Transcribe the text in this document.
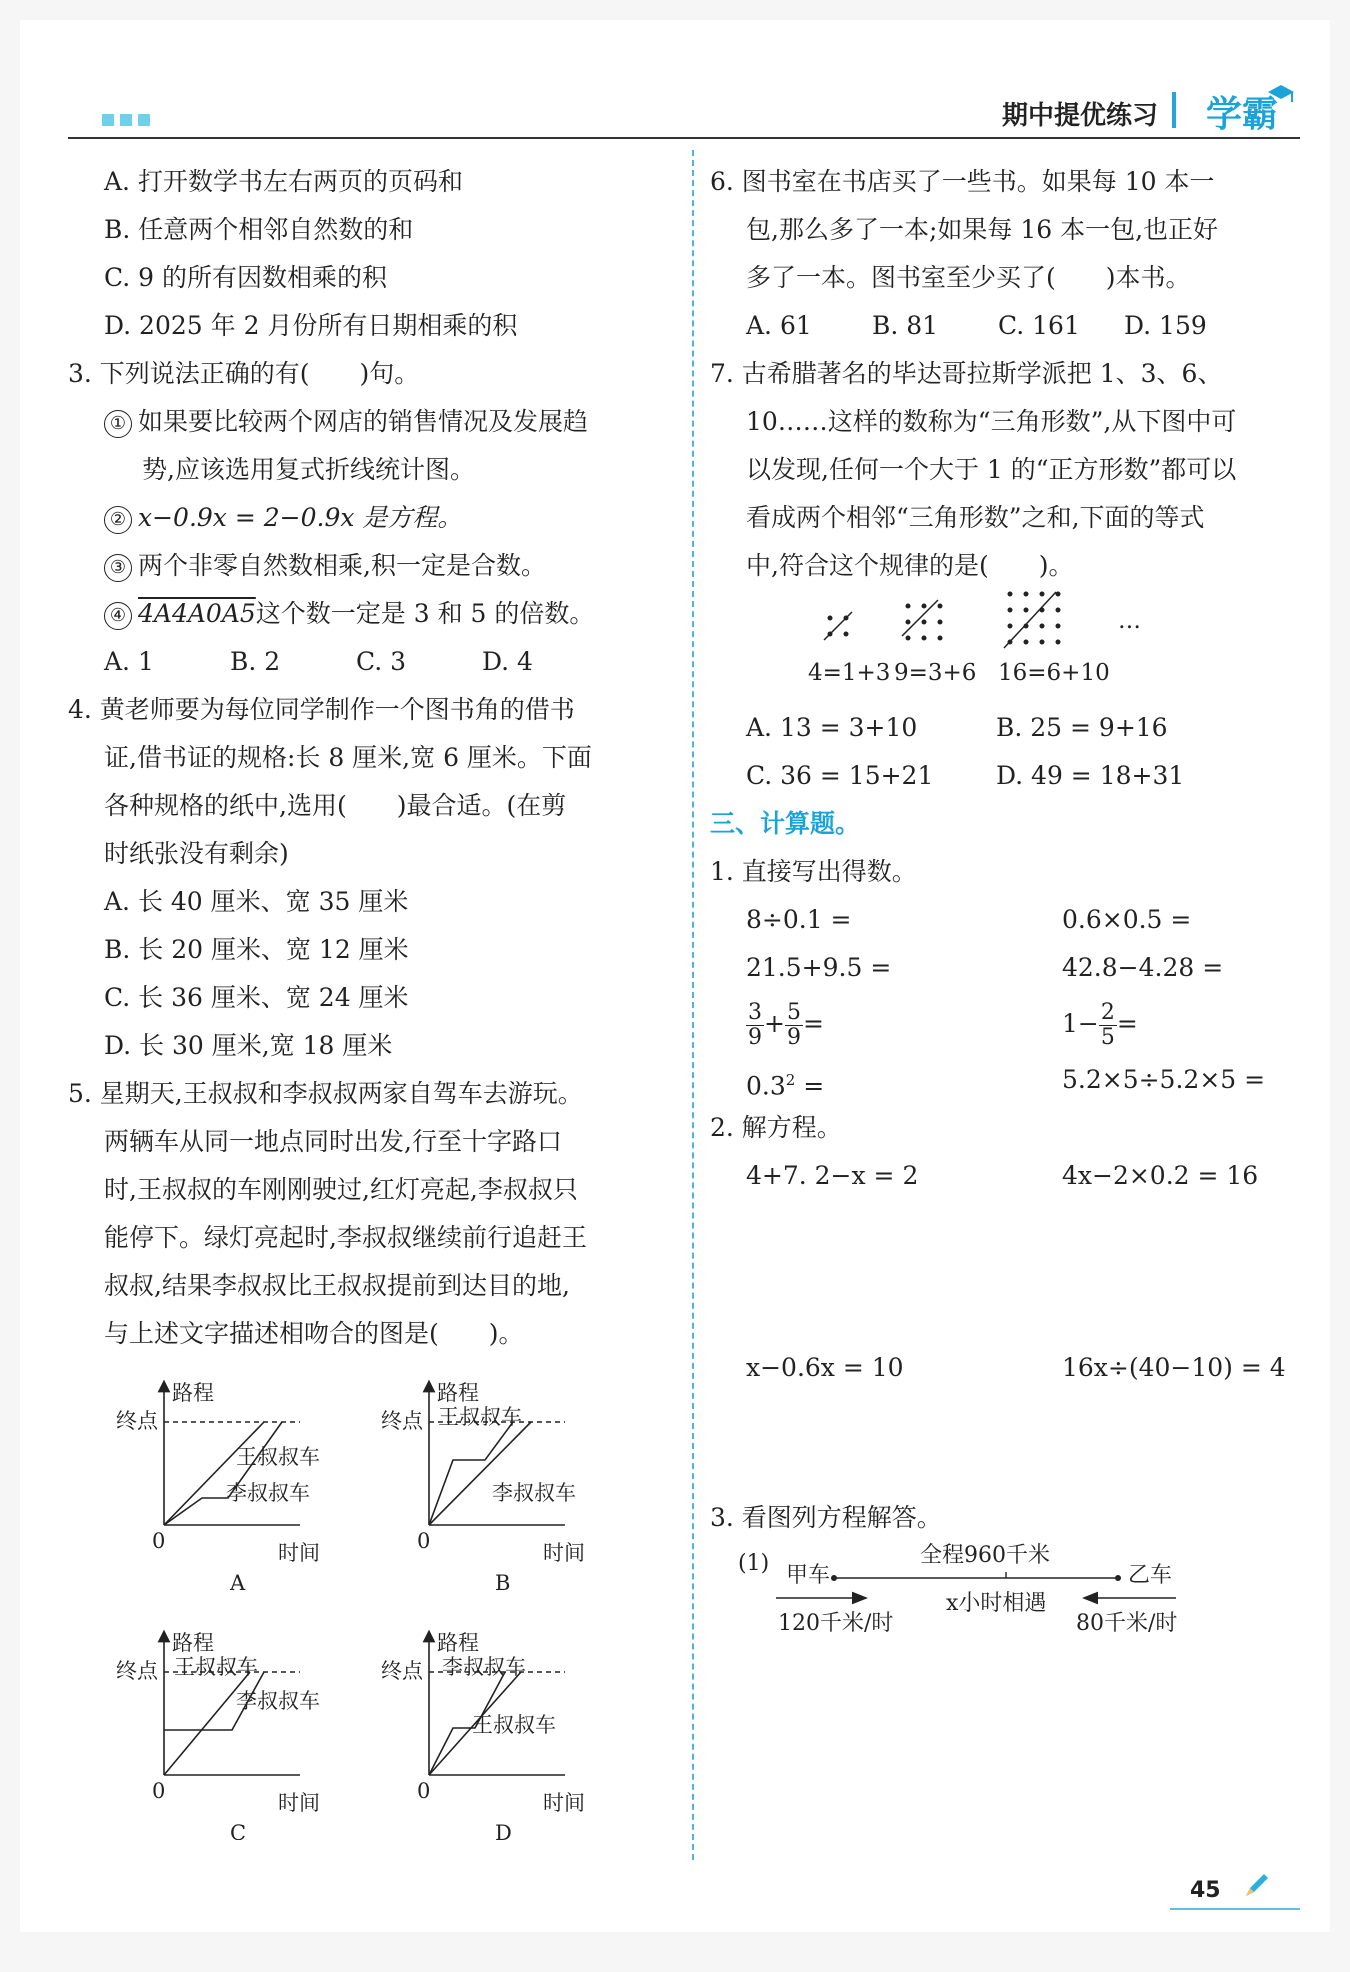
期中提优练习 学霸
A. 打开数学书左右两页的页码和
B. 任意两个相邻自然数的和
C. 9 的所有因数相乘的积
D. 2025 年 2 月份所有日期相乘的积
3. 下列说法正确的有(　　)句。
① 如果要比较两个网店的销售情况及发展趋
势,应该选用复式折线统计图。
② x−0.9x = 2−0.9x 是方程。
③ 两个非零自然数相乘,积一定是合数。
④ 4A4A0A5这个数一定是 3 和 5 的倍数。
A. 1	B. 2	C. 3	D. 4
4. 黄老师要为每位同学制作一个图书角的借书
证,借书证的规格:长 8 厘米,宽 6 厘米。下面
各种规格的纸中,选用(　　)最合适。(在剪
时纸张没有剩余)
A. 长 40 厘米、宽 35 厘米
B. 长 20 厘米、宽 12 厘米
C. 长 36 厘米、宽 24 厘米
D. 长 30 厘米,宽 18 厘米
5. 星期天,王叔叔和李叔叔两家自驾车去游玩。
两辆车从同一地点同时出发,行至十字路口
时,王叔叔的车刚刚驶过,红灯亮起,李叔叔只
能停下。绿灯亮起时,李叔叔继续前行追赶王
叔叔,结果李叔叔比王叔叔提前到达目的地,
与上述文字描述相吻合的图是(　　)。
路程
终点
0	时间
王叔叔车
李叔叔车
A
路程
终点
0	时间
王叔叔车
李叔叔车
B
路程
终点
0	时间
王叔叔车
李叔叔车
C
路程
终点
0	时间
李叔叔车
王叔叔车
D
6. 图书室在书店买了一些书。如果每 10 本一
包,那么多了一本;如果每 16 本一包,也正好
多了一本。图书室至少买了(　　)本书。
A. 61	B. 81	C. 161	D. 159
7. 古希腊著名的毕达哥拉斯学派把 1、3、6、
10……这样的数称为“三角形数”,从下图中可
以发现,任何一个大于 1 的“正方形数”都可以
看成两个相邻“三角形数”之和,下面的等式
中,符合这个规律的是(　　)。
4=1+3 9=3+6 16=6+10
…
A. 13 = 3+10	B. 25 = 9+16
C. 36 = 15+21	D. 49 = 18+31
三、计算题。
1. 直接写出得数。
8÷0.1 =	0.6×0.5 =
21.5+9.5 =	42.8−4.28 =
$\frac{3}{9} + \frac{5}{9}$ =	$1- \frac{2}{5}$ =
$0.3^2$ =	5.2×5÷5.2×5 =
2. 解方程。
4+7. 2−x = 2	4x−2×0.2 = 16
x−0.6x = 10	16x÷(40−10) = 4
3. 看图列方程解答。
(1) 甲车
全程960千米
乙车
x小时相遇
120千米/时	80千米/时
45
